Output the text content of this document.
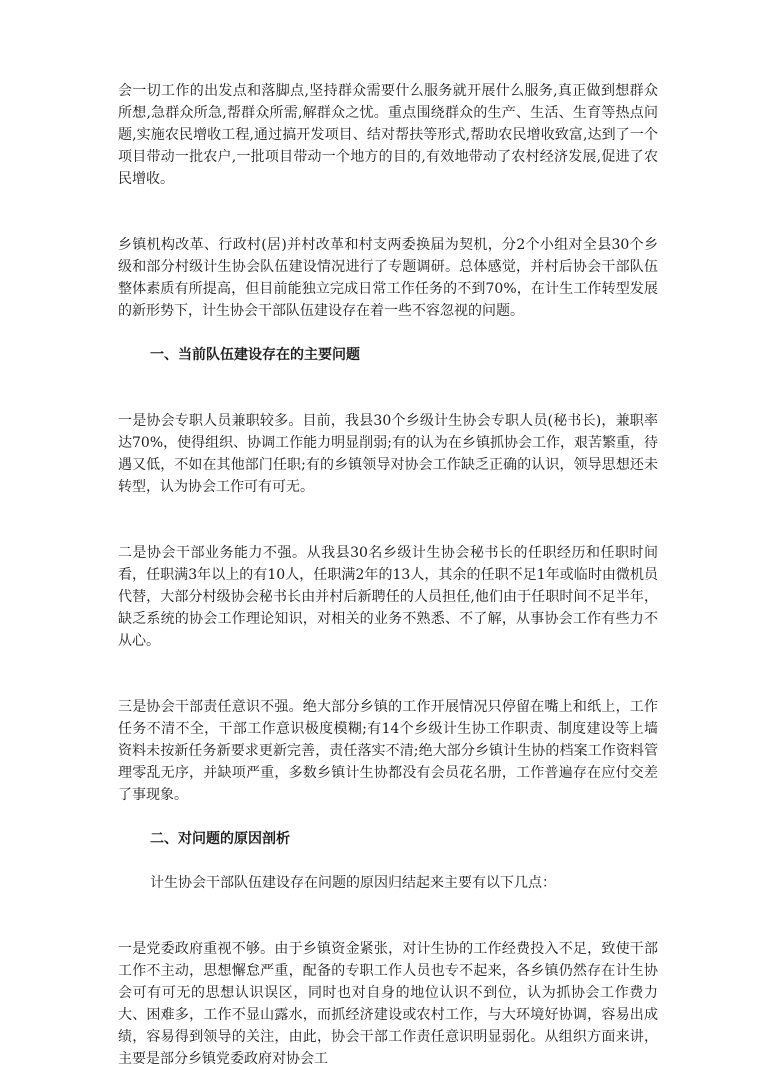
会一切工作的出发点和落脚点,坚持群众需要什么服务就开展什么服务,真正做到想群众所想,急群众所急,帮群众所需,解群众之忧。重点围绕群众的生产、生活、生育等热点问题,实施农民增收工程,通过搞开发项目、结对帮扶等形式,帮助农民增收致富,达到了一个项目带动一批农户,一批项目带动一个地方的目的,有效地带动了农村经济发展,促进了农民增收。

乡镇机构改革、行政村(居)并村改革和村支两委换届为契机，分2个小组对全县30个乡级和部分村级计生协会队伍建设情况进行了专题调研。总体感觉，并村后协会干部队伍整体素质有所提高，但目前能独立完成日常工作任务的不到70%，在计生工作转型发展的新形势下，计生协会干部队伍建设存在着一些不容忽视的问题。

一、当前队伍建设存在的主要问题

一是协会专职人员兼职较多。目前，我县30个乡级计生协会专职人员(秘书长)，兼职率达70%，使得组织、协调工作能力明显削弱;有的认为在乡镇抓协会工作，艰苦繁重，待遇又低，不如在其他部门任职;有的乡镇领导对协会工作缺乏正确的认识，领导思想还未转型，认为协会工作可有可无。

二是协会干部业务能力不强。从我县30名乡级计生协会秘书长的任职经历和任职时间看，任职满3年以上的有10人，任职满2年的13人，其余的任职不足1年或临时由微机员代替，大部分村级协会秘书长由并村后新聘任的人员担任,他们由于任职时间不足半年，缺乏系统的协会工作理论知识，对相关的业务不熟悉、不了解，从事协会工作有些力不从心。

三是协会干部责任意识不强。绝大部分乡镇的工作开展情况只停留在嘴上和纸上，工作任务不清不全，干部工作意识极度模糊;有14个乡级计生协工作职责、制度建设等上墙资料未按新任务新要求更新完善，责任落实不清;绝大部分乡镇计生协的档案工作资料管理零乱无序，并缺项严重，多数乡镇计生协都没有会员花名册，工作普遍存在应付交差了事现象。

二、对问题的原因剖析

计生协会干部队伍建设存在问题的原因归结起来主要有以下几点：

一是党委政府重视不够。由于乡镇资金紧张，对计生协的工作经费投入不足，致使干部工作不主动，思想懈怠严重，配备的专职工作人员也专不起来，各乡镇仍然存在计生协会可有可无的思想认识误区，同时也对自身的地位认识不到位，认为抓协会工作费力大、困难多，工作不显山露水，而抓经济建设或农村工作，与大环境好协调，容易出成绩，容易得到领导的关注，由此，协会干部工作责任意识明显弱化。从组织方面来讲，主要是部分乡镇党委政府对协会工
